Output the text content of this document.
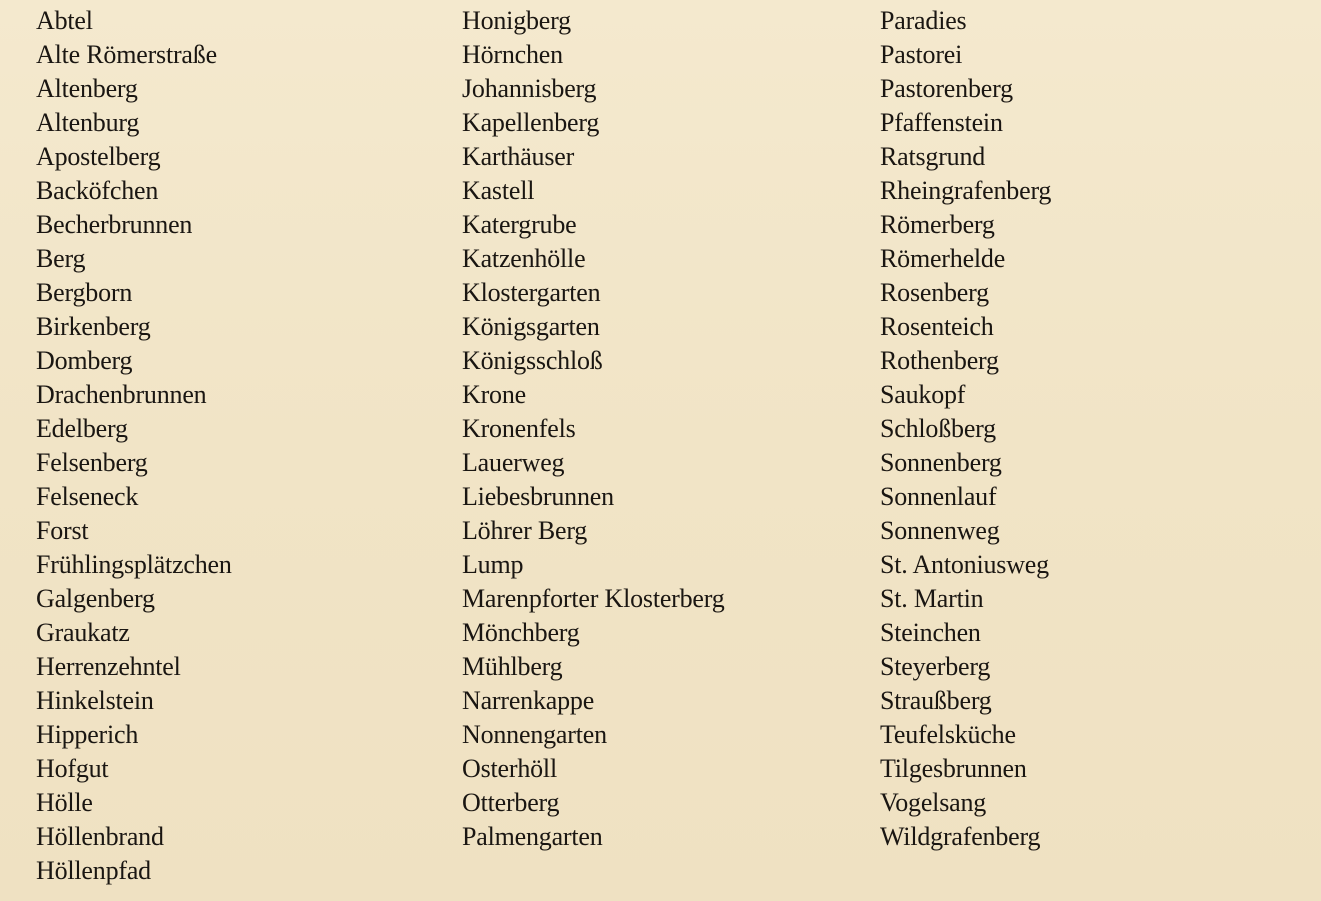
Abtel
Alte Römerstraße
Altenberg
Altenburg
Apostelberg
Backöfchen
Becherbrunnen
Berg
Bergborn
Birkenberg
Domberg
Drachenbrunnen
Edelberg
Felsenberg
Felseneck
Forst
Frühlingsplätzchen
Galgenberg
Graukatz
Herrenzehntel
Hinkelstein
Hipperich
Hofgut
Hölle
Höllenbrand
Höllenpfad
Honigberg
Hörnchen
Johannisberg
Kapellenberg
Karthäuser
Kastell
Katergrube
Katzenhölle
Klostergarten
Königsgarten
Königsschloß
Krone
Kronenfels
Lauerweg
Liebesbrunnen
Löhrer Berg
Lump
Marenpforter Klosterberg
Mönchberg
Mühlberg
Narrenkappe
Nonnengarten
Osterhöll
Otterberg
Palmengarten
Paradies
Pastorei
Pastorenberg
Pfaffenstein
Ratsgrund
Rheingrafenberg
Römerberg
Römerhelde
Rosenberg
Rosenteich
Rothenberg
Saukopf
Schloßberg
Sonnenberg
Sonnenlauf
Sonnenweg
St. Antoniusweg
St. Martin
Steinchen
Steyerberg
Straußberg
Teufelsküche
Tilgesbrunnen
Vogelsang
Wildgrafenberg
